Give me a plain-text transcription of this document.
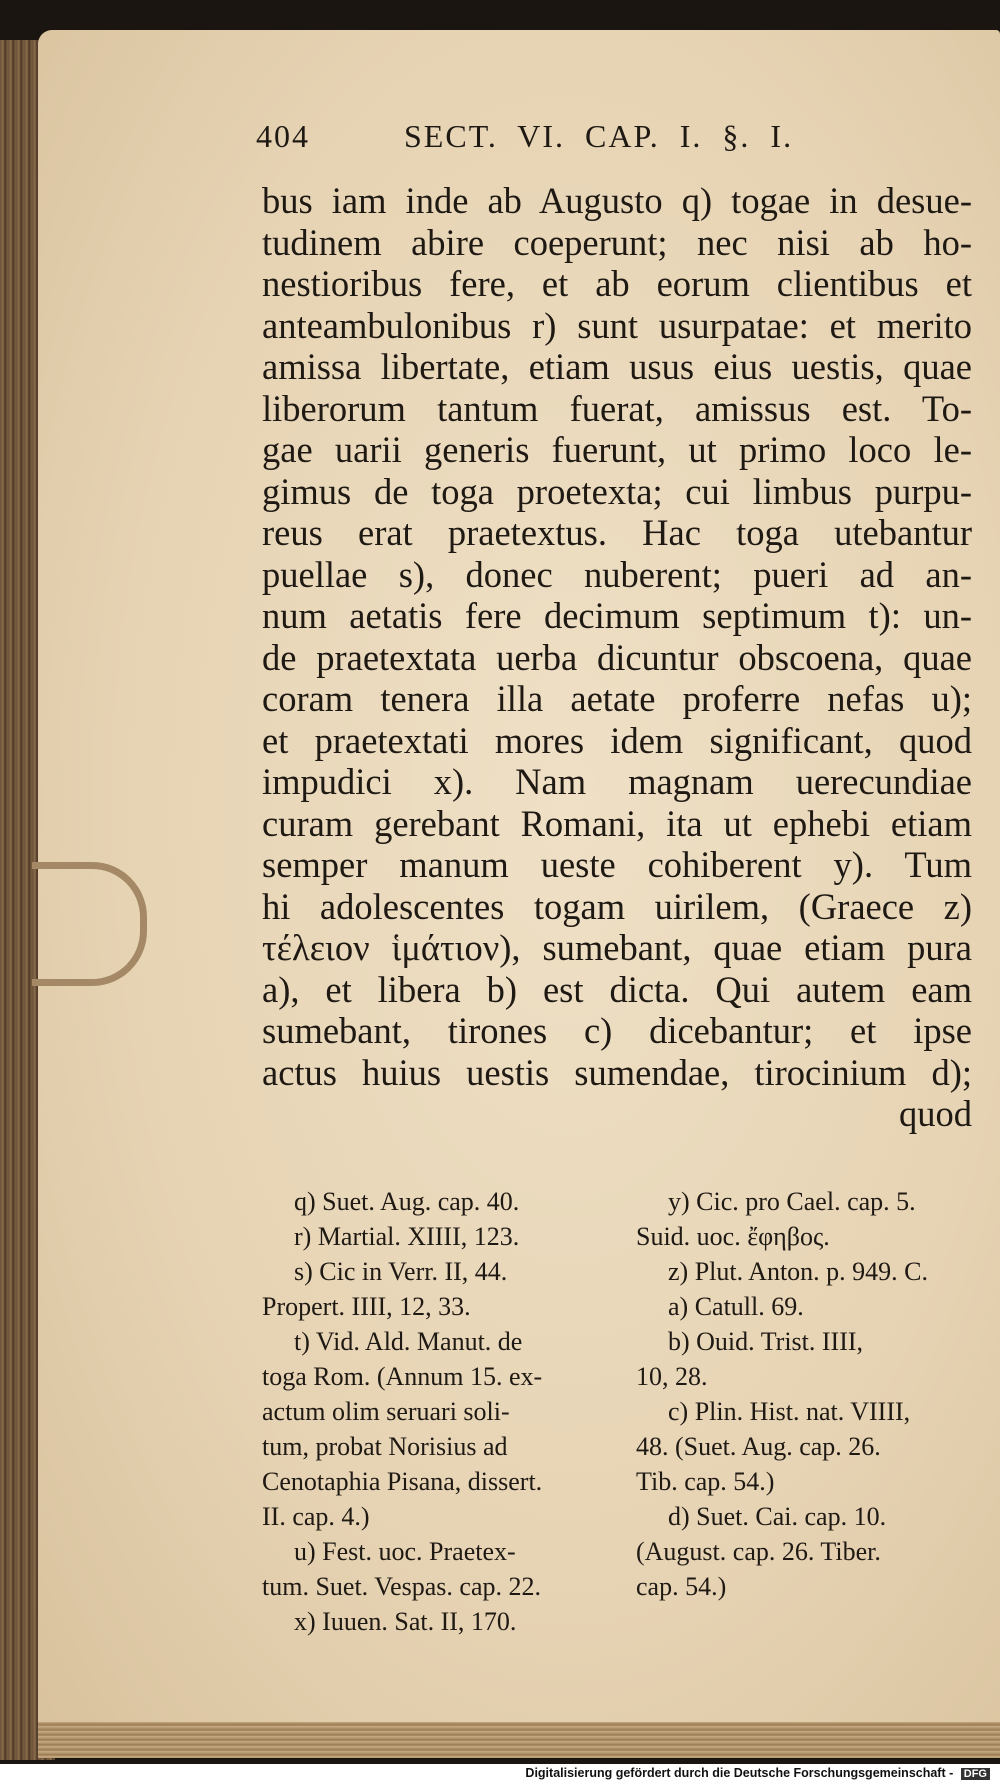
404	SECT. VI. CAP. I. §. I.
bus iam inde ab Augusto q) togae in desue-
tudinem abire coeperunt; nec nisi ab ho-
nestioribus fere, et ab eorum clientibus et
anteambulonibus r) sunt usurpatae: et merito
amissa libertate, etiam usus eius uestis, quae
liberorum tantum fuerat, amissus est. To-
gae uarii generis fuerunt, ut primo loco le-
gimus de toga proetexta; cui limbus purpu-
reus erat praetextus. Hac toga utebantur
puellae s), donec nuberent; pueri ad an-
num aetatis fere decimum septimum t): un-
de praetextata uerba dicuntur obscoena, quae
coram tenera illa aetate proferre nefas u);
et praetextati mores idem significant, quod
impudici x). Nam magnam uerecundiae
curam gerebant Romani, ita ut ephebi etiam
semper manum ueste cohiberent y). Tum
hi adolescentes togam uirilem, (Graece z)
τέλειον ἱμάτιον), sumebant, quae etiam pura
a), et libera b) est dicta. Qui autem eam
sumebant, tirones c) dicebantur; et ipse
actus huius uestis sumendae, tirocinium d);
quod
q) Suet. Aug. cap. 40.
r) Martial. XIIII, 123.
s) Cic in Verr. II, 44.
Propert. IIII, 12, 33.
t) Vid. Ald. Manut. de
toga Rom. (Annum 15. ex-
actum olim seruari soli-
tum, probat Norisius ad
Cenotaphia Pisana, dissert.
II. cap. 4.)
u) Fest. uoc. Praetex-
tum. Suet. Vespas. cap. 22.
x) Iuuen. Sat. II, 170.
y) Cic. pro Cael. cap. 5.
Suid. uoc. ἔφηβος.
z) Plut. Anton. p. 949. C.
a) Catull. 69.
b) Ouid. Trist. IIII,
10, 28.
c) Plin. Hist. nat. VIIII,
48. (Suet. Aug. cap. 26.
Tib. cap. 54.)
d) Suet. Cai. cap. 10.
(August. cap. 26. Tiber.
cap. 54.)
Digitalisierung gefördert durch die Deutsche Forschungsgemeinschaft - DFG
